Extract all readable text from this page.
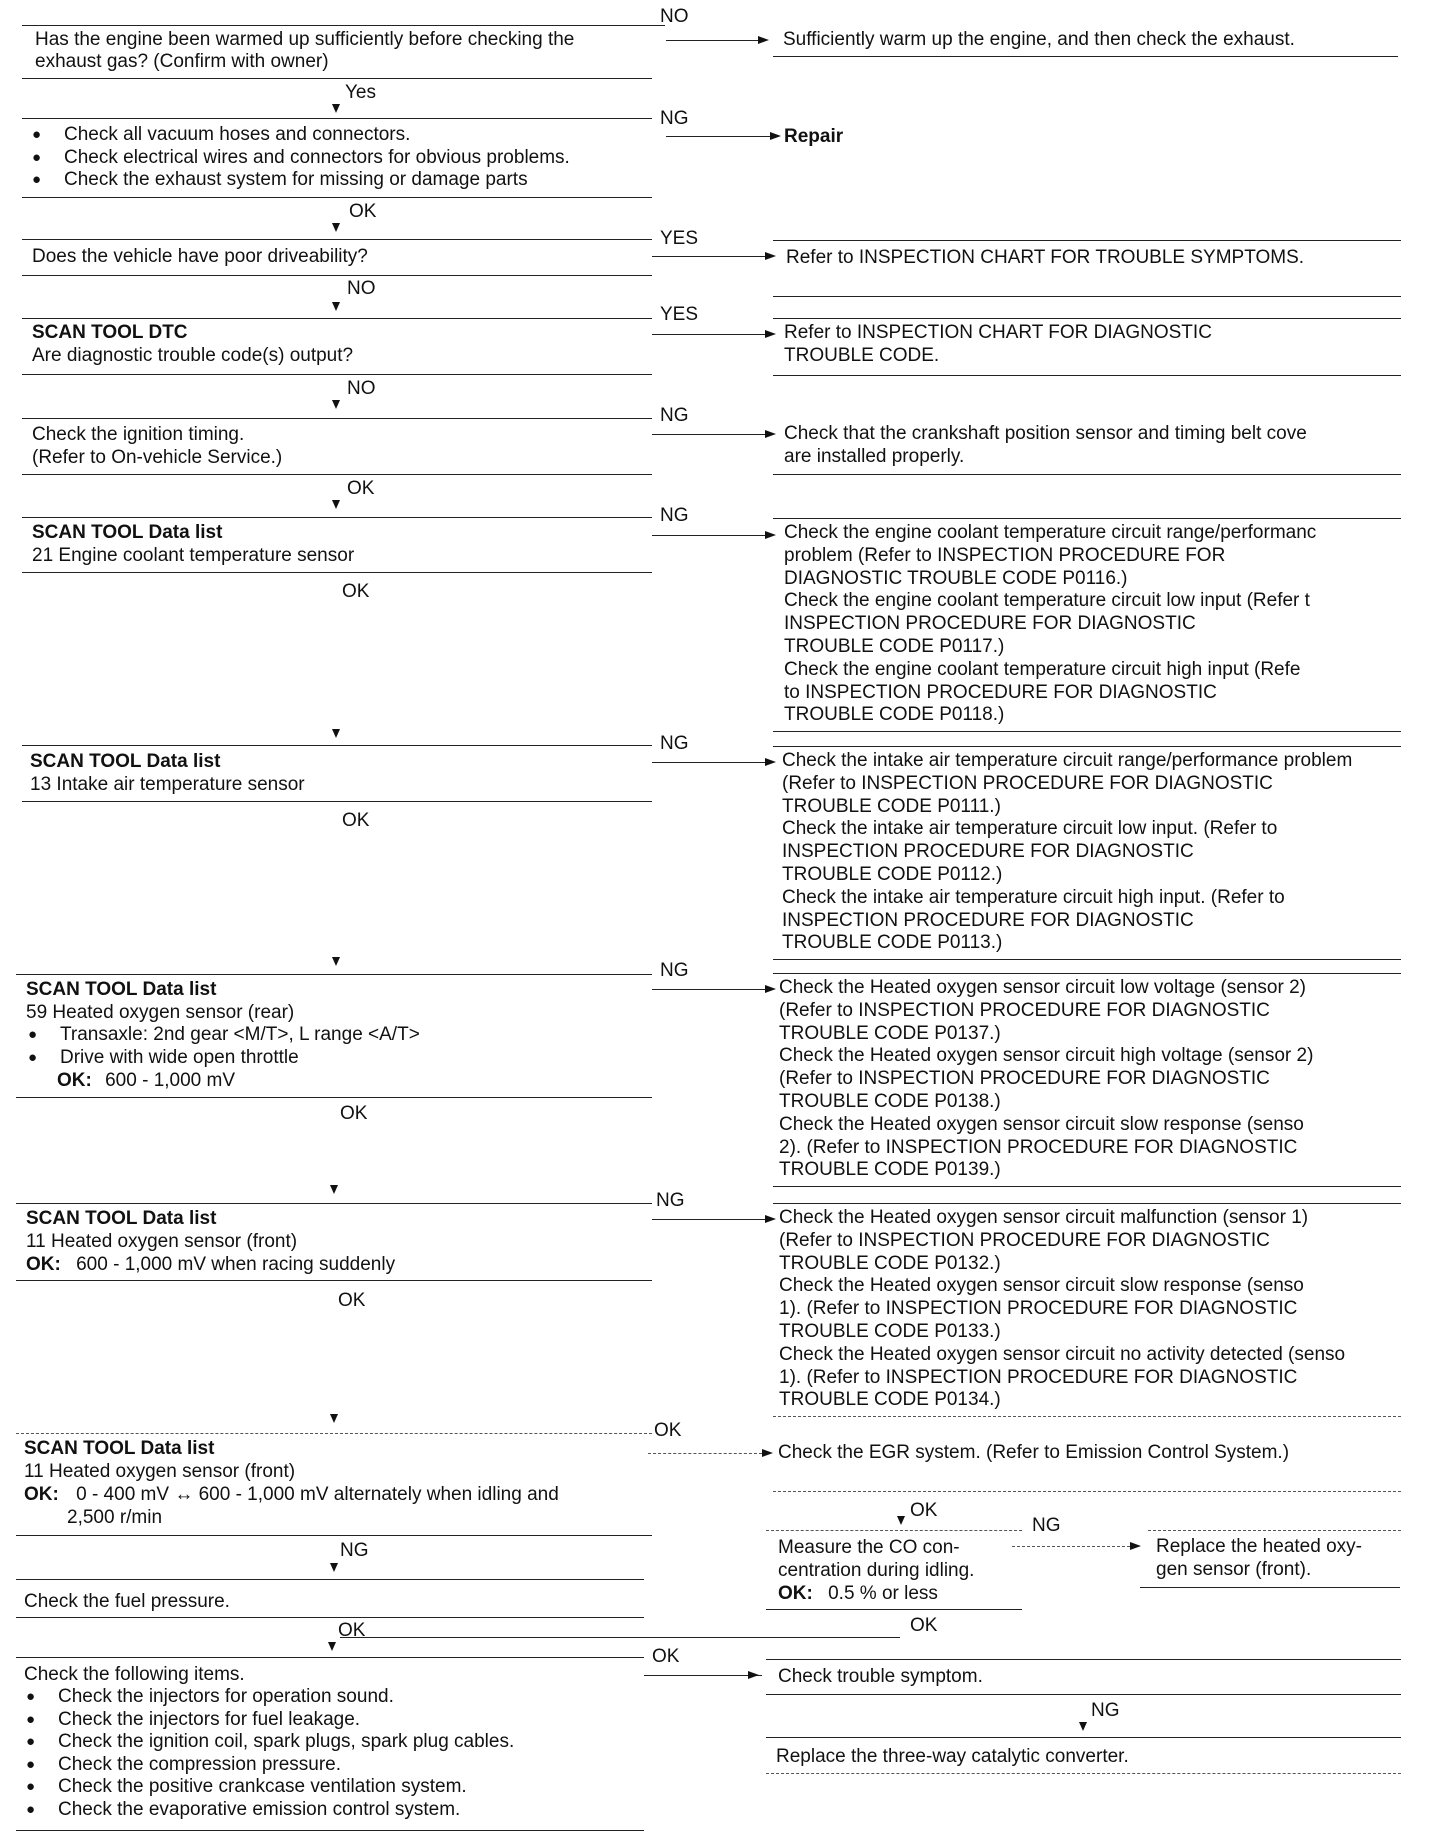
Has the engine been warmed up sufficiently before checking the
exhaust gas? (Confirm with owner)
NO
Sufficiently warm up the engine, and then check the exhaust.
Yes
● Check all vacuum hoses and connectors.
● Check electrical wires and connectors for obvious problems.
● Check the exhaust system for missing or damage parts
NG
Repair
OK
Does the vehicle have poor driveability?
YES
Refer to INSPECTION CHART FOR TROUBLE SYMPTOMS.
NO
SCAN TOOL DTC
Are diagnostic trouble code(s) output?
YES
Refer to INSPECTION CHART FOR DIAGNOSTIC
TROUBLE CODE.
NO
Check the ignition timing.
(Refer to On-vehicle Service.)
NG
Check that the crankshaft position sensor and timing belt cove
are installed properly.
OK
SCAN TOOL Data list
21 Engine coolant temperature sensor
NG
Check the engine coolant temperature circuit range/performanc
problem (Refer to INSPECTION PROCEDURE FOR
DIAGNOSTIC TROUBLE CODE P0116.)
Check the engine coolant temperature circuit low input (Refer t
INSPECTION PROCEDURE FOR DIAGNOSTIC
TROUBLE CODE P0117.)
Check the engine coolant temperature circuit high input (Refe
to INSPECTION PROCEDURE FOR DIAGNOSTIC
TROUBLE CODE P0118.)
OK
SCAN TOOL Data list
13 Intake air temperature sensor
NG
Check the intake air temperature circuit range/performance problem
(Refer to INSPECTION PROCEDURE FOR DIAGNOSTIC
TROUBLE CODE P0111.)
Check the intake air temperature circuit low input. (Refer to
INSPECTION PROCEDURE FOR DIAGNOSTIC
TROUBLE CODE P0112.)
Check the intake air temperature circuit high input. (Refer to
INSPECTION PROCEDURE FOR DIAGNOSTIC
TROUBLE CODE P0113.)
OK
SCAN TOOL Data list
59 Heated oxygen sensor (rear)
● Transaxle: 2nd gear <M/T>, L range <A/T>
● Drive with wide open throttle
OK: 600 - 1,000 mV
NG
Check the Heated oxygen sensor circuit low voltage (sensor 2)
(Refer to INSPECTION PROCEDURE FOR DIAGNOSTIC
TROUBLE CODE P0137.)
Check the Heated oxygen sensor circuit high voltage (sensor 2)
(Refer to INSPECTION PROCEDURE FOR DIAGNOSTIC
TROUBLE CODE P0138.)
Check the Heated oxygen sensor circuit slow response (senso
2). (Refer to INSPECTION PROCEDURE FOR DIAGNOSTIC
TROUBLE CODE P0139.)
OK
SCAN TOOL Data list
11 Heated oxygen sensor (front)
OK: 600 - 1,000 mV when racing suddenly
NG
Check the Heated oxygen sensor circuit malfunction (sensor 1)
(Refer to INSPECTION PROCEDURE FOR DIAGNOSTIC
TROUBLE CODE P0132.)
Check the Heated oxygen sensor circuit slow response (senso
1). (Refer to INSPECTION PROCEDURE FOR DIAGNOSTIC
TROUBLE CODE P0133.)
Check the Heated oxygen sensor circuit no activity detected (senso
1). (Refer to INSPECTION PROCEDURE FOR DIAGNOSTIC
TROUBLE CODE P0134.)
OK
SCAN TOOL Data list
11 Heated oxygen sensor (front)
OK: 0 - 400 mV ↔ 600 - 1,000 mV alternately when idling and
2,500 r/min
OK
Check the EGR system. (Refer to Emission Control System.)
NG
OK
Measure the CO con-
centration during idling.
OK: 0.5 % or less
NG
Replace the heated oxy-
gen sensor (front).
OK
Check the fuel pressure.
OK
Check the following items.
● Check the injectors for operation sound.
● Check the injectors for fuel leakage.
● Check the ignition coil, spark plugs, spark plug cables.
● Check the compression pressure.
● Check the positive crankcase ventilation system.
● Check the evaporative emission control system.
OK
Check trouble symptom.
NG
Replace the three-way catalytic converter.
